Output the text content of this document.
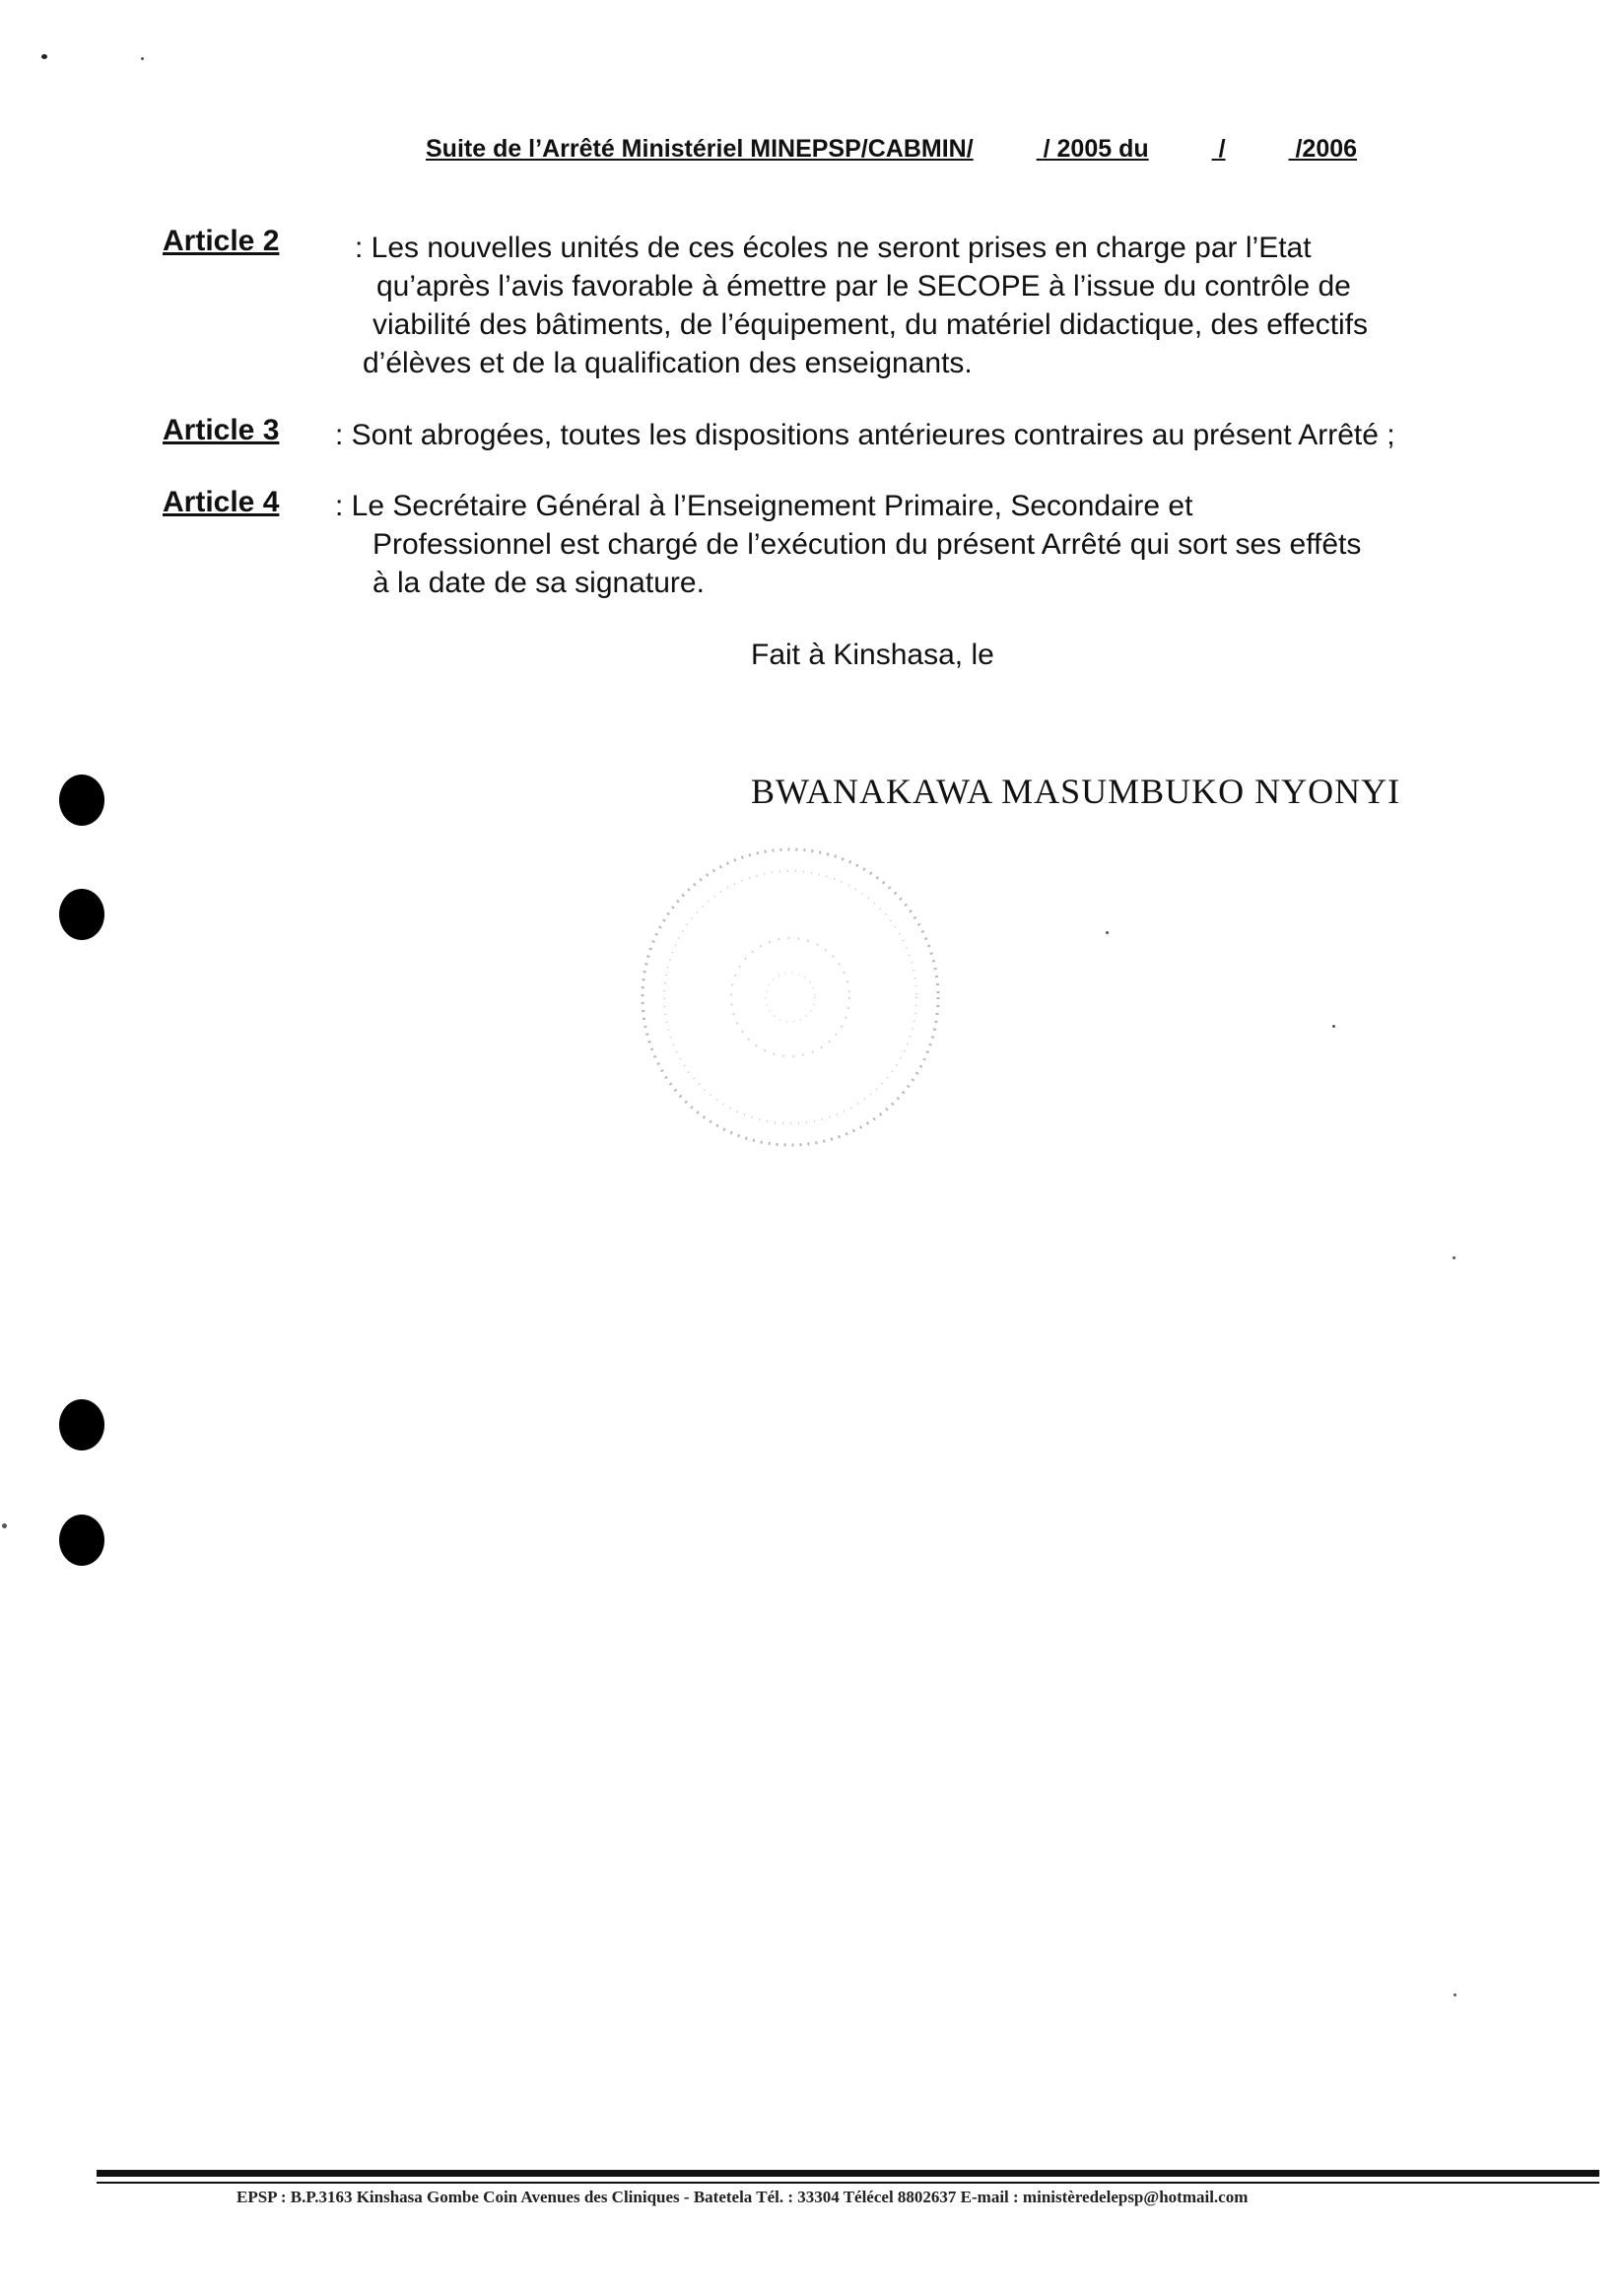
Suite de l’Arrêté Ministériel MINEPSP/CABMIN/	/ 2005 du	/	/2006
Article 2	: Les nouvelles unités de ces écoles ne seront prises en charge par l’Etat
qu’après l’avis favorable à émettre par le SECOPE à l’issue du contrôle de
viabilité des bâtiments, de l’équipement, du matériel didactique, des effectifs
d’élèves et de la qualification des enseignants.
Article 3 : Sont abrogées, toutes les dispositions antérieures contraires au présent Arrêté ;
Article 4 : Le Secrétaire Général à l’Enseignement Primaire, Secondaire et
Professionnel est chargé de l’exécution du présent Arrêté qui sort ses effêts
à la date de sa signature.
Fait à Kinshasa, le
BWANAKAWA MASUMBUKO NYONYI
EPSP : B.P.3163 Kinshasa Gombe Coin Avenues des Cliniques - Batetela Tél. : 33304 Télécel 8802637 E-mail : ministèredelepsp@hotmail.com
